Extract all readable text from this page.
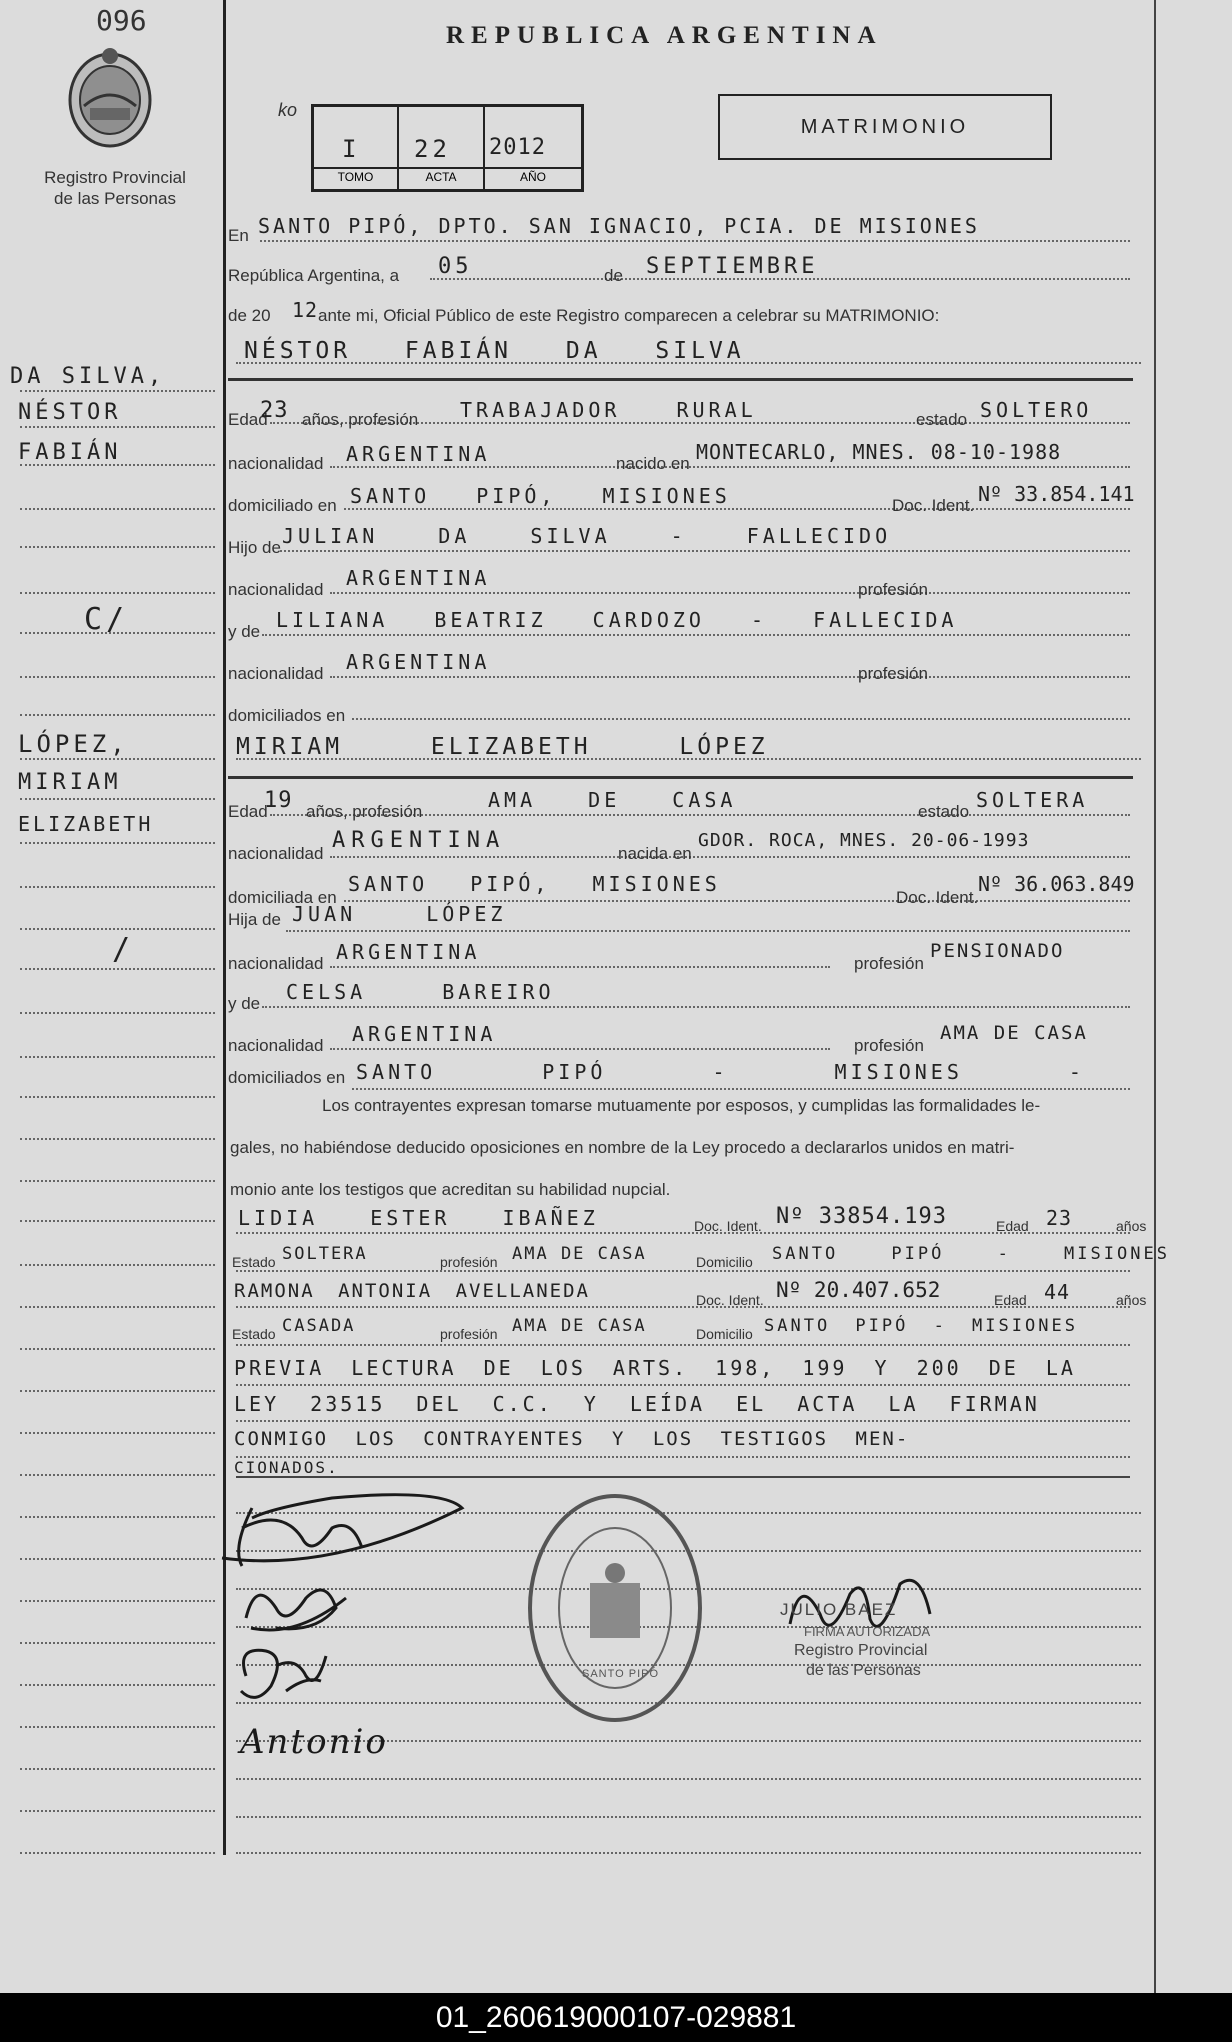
096
Registro Provincial
de las Personas
REPUBLICA ARGENTINA
ko
I 22 2012
TOMO	ACTA	AÑO
MATRIMONIO
DA SILVA,
NÉSTOR
FABIÁN
C/
LÓPEZ,
MIRIAM
ELIZABETH
/
En SANTO PIPÓ, DPTO. SAN IGNACIO, PCIA. DE MISIONES
República Argentina, a 05	de SEPTIEMBRE
de 20 12 ante mi, Oficial Público de este Registro comparecen a celebrar su MATRIMONIO:
NÉSTOR FABIÁN DA SILVA
Edad
23 años, profesión TRABAJADOR RURAL	estado SOLTERO
nacionalidad ARGENTINA	nacido en MONTECARLO, MNES. 08-10-1988
domiciliado en SANTO PIPÓ, MISIONES	Doc. Ident. Nº 33.854.141
Hijo de JULIAN DA SILVA - FALLECIDO
nacionalidad ARGENTINA	profesión
y de LILIANA BEATRIZ CARDOZO - FALLECIDA
nacionalidad ARGENTINA	profesión
domiciliados en
MIRIAM ELIZABETH LÓPEZ
Edad
19 años, profesión	AMA DE CASA	estado SOLTERA
nacionalidad
ARGENTINA
nacida en
GDOR. ROCA, MNES. 20-06-1993
domiciliada en
SANTO PIPÓ, MISIONES
Doc. Ident.
Nº 36.063.849
Hija de JUAN LÓPEZ
nacionalidad ARGENTINA	profesión
PENSIONADO
y de CELSA BAREIRO
nacionalidad ARGENTINA	profesión
AMA DE CASA
domiciliados en SANTO PIPÓ - MISIONES -
Los contrayentes expresan tomarse mutuamente por esposos, y cumplidas las formalidades le-
gales, no habiéndose deducido oposiciones en nombre de la Ley procedo a declararlos unidos en matri-
monio ante los testigos que acreditan su habilidad nupcial.
LIDIA ESTER IBAÑEZ	Doc. Ident. Nº 33854.193	Edad 23	años
Estado SOLTERA	profesión AMA DE CASA	Domicilio SANTO PIPÓ - MISIONES
RAMONA ANTONIA AVELLANEDA	Doc. Ident. Nº 20.407.652	Edad 44	años
Estado CASADA	profesión AMA DE CASA	Domicilio SANTO PIPÓ - MISIONES
PREVIA LECTURA DE LOS ARTS. 198, 199 Y 200 DE LA
LEY 23515 DEL C.C. Y LEÍDA EL ACTA LA FIRMAN
CONMIGO LOS CONTRAYENTES Y LOS TESTIGOS MEN-
CIONADOS.
Antonio
SANTO PIPÓ
JULIO BAEZ
FIRMA AUTORIZADA
Registro Provincial
de las Personas
01_260619000107-029881
